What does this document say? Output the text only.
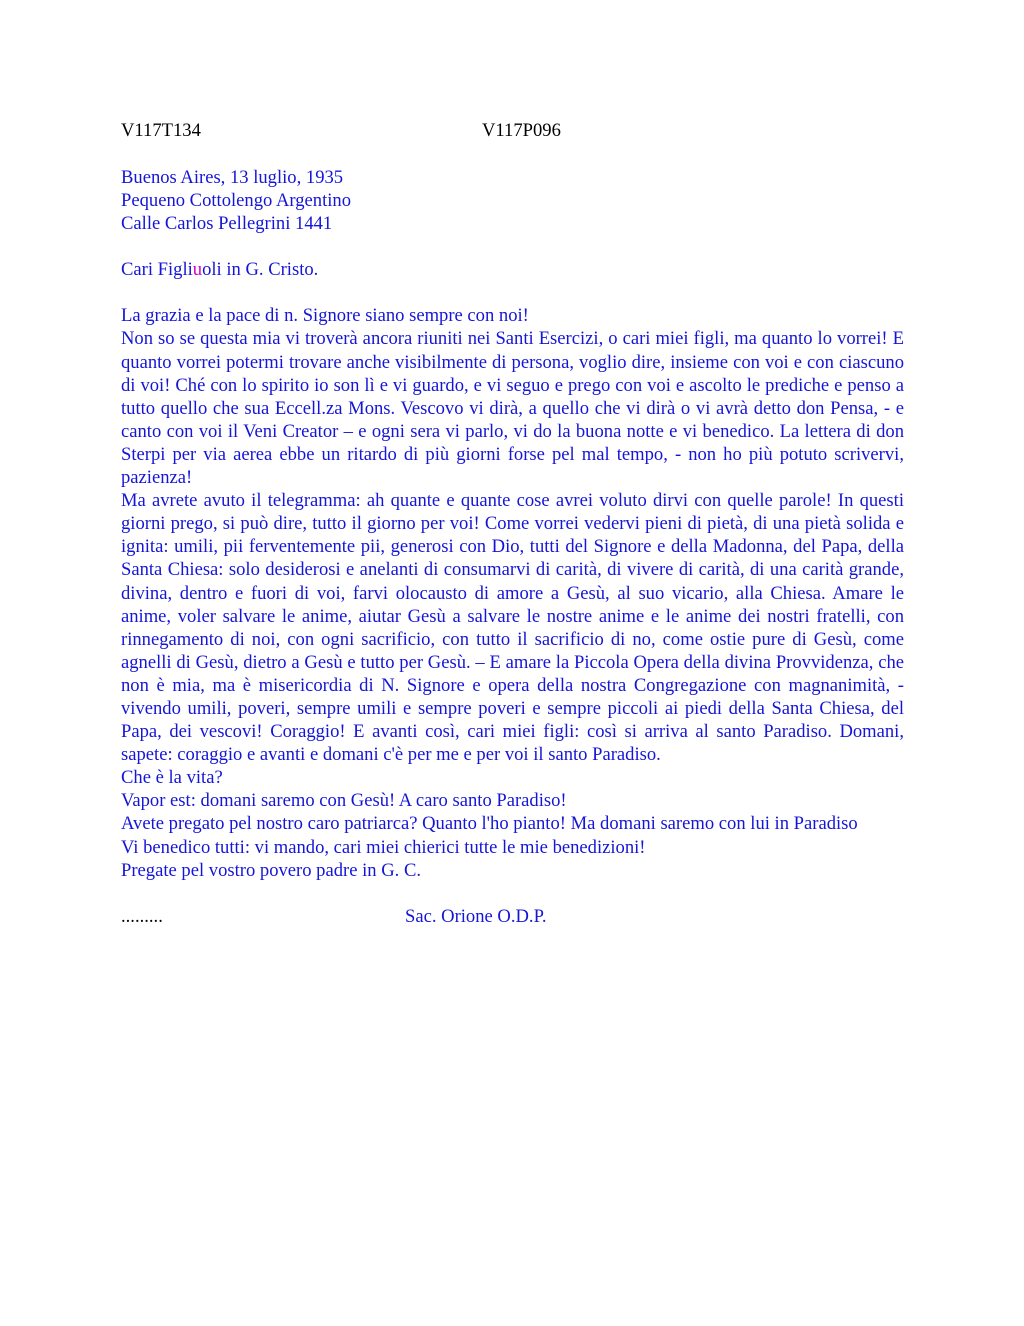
V117T134	V117P096
Buenos Aires, 13 luglio, 1935
Pequeno Cottolengo Argentino
Calle Carlos Pellegrini 1441
Cari Figliuoli in G. Cristo.
La grazia e la pace di n. Signore siano sempre con noi!
Non so se questa mia vi troverà ancora riuniti nei Santi Esercizi, o cari miei figli, ma quanto lo vorrei! E quanto vorrei potermi trovare anche visibilmente di persona, voglio dire, insieme con voi e con ciascuno di voi! Ché con lo spirito io son lì e vi guardo, e vi seguo e prego con voi e ascolto le prediche e penso a tutto quello che sua Eccell.za Mons. Vescovo vi dirà, a quello che vi dirà o vi avrà detto don Pensa, - e canto con voi il Veni Creator – e ogni sera vi parlo, vi do la buona notte e vi benedico. La lettera di don Sterpi per via aerea ebbe un ritardo di più giorni forse pel mal tempo, - non ho più potuto scrivervi, pazienza!
Ma avrete avuto il telegramma: ah quante e quante cose avrei voluto dirvi con quelle parole! In questi giorni prego, si può dire, tutto il giorno per voi! Come vorrei vedervi pieni di pietà, di una pietà solida e ignita: umili, pii ferventemente pii, generosi con Dio, tutti del Signore e della Madonna, del Papa, della Santa Chiesa: solo desiderosi e anelanti di consumarvi di carità, di vivere di carità, di una carità grande, divina, dentro e fuori di voi, farvi olocausto di amore a Gesù, al suo vicario, alla Chiesa. Amare le anime, voler salvare le anime, aiutar Gesù a salvare le nostre anime e le anime dei nostri fratelli, con rinnegamento di noi, con ogni sacrificio, con tutto il sacrificio di no, come ostie pure di Gesù, come agnelli di Gesù, dietro a Gesù e tutto per Gesù. – E amare la Piccola Opera della divina Provvidenza, che non è mia, ma è misericordia di N. Signore e opera della nostra Congregazione con magnanimità, - vivendo umili, poveri, sempre umili e sempre poveri e sempre piccoli ai piedi della Santa Chiesa, del Papa, dei vescovi! Coraggio! E avanti così, cari miei figli: così si arriva al santo Paradiso. Domani, sapete: coraggio e avanti e domani c'è per me e per voi il santo Paradiso.
Che è la vita?
Vapor est: domani saremo con Gesù! A caro santo Paradiso!
Avete pregato pel nostro caro patriarca? Quanto l'ho pianto! Ma domani saremo con lui in Paradiso
Vi benedico tutti: vi mando, cari miei chierici tutte le mie benedizioni!
Pregate pel vostro povero padre in G. C.
.........	Sac. Orione O.D.P.
